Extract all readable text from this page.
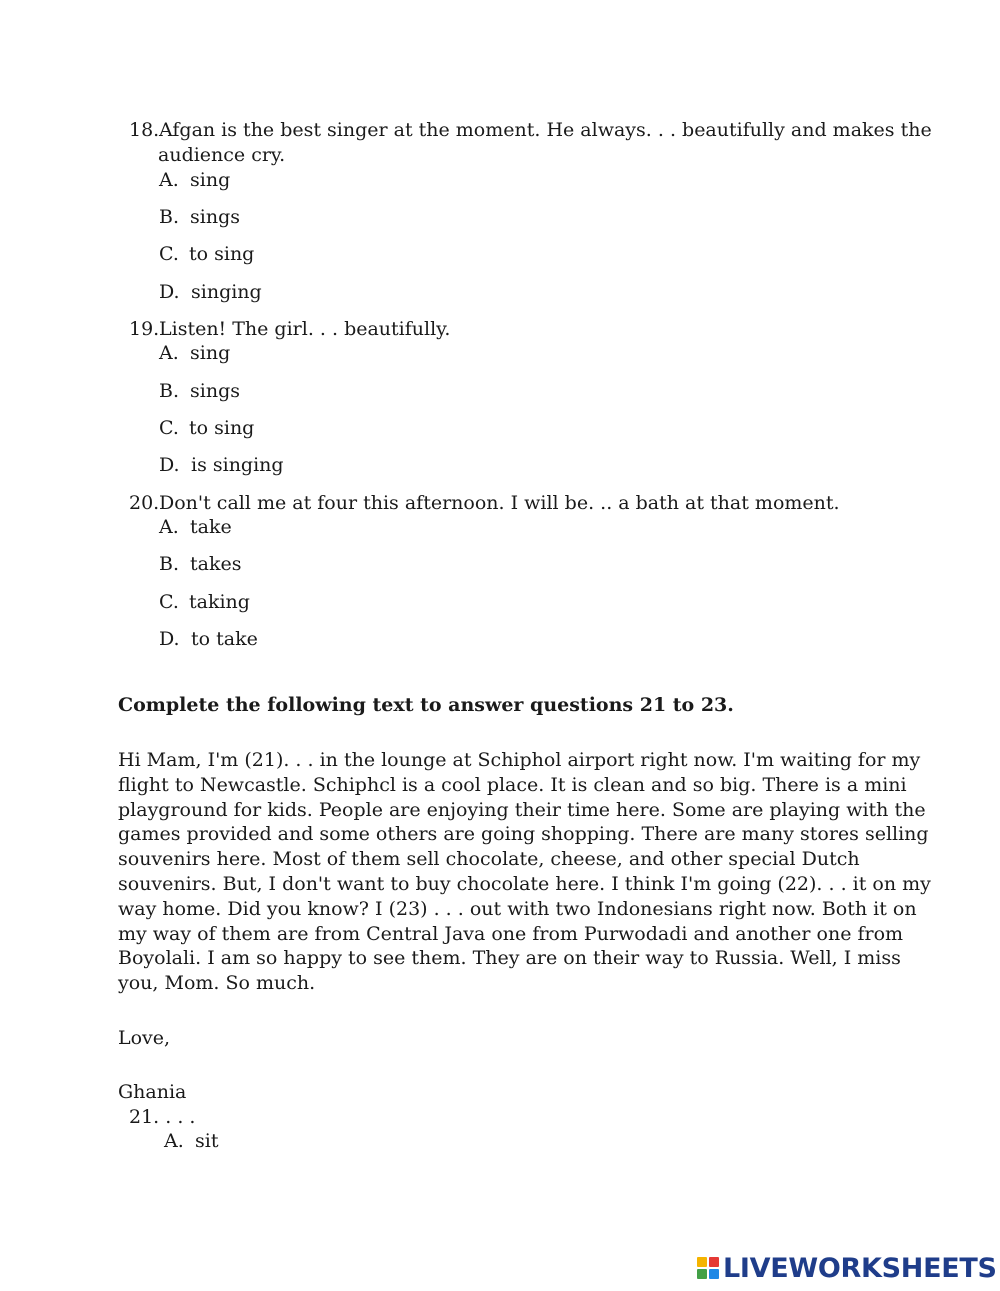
18. Afgan is the best singer at the moment. He always. . . beautifully and makes the
audience cry.
A. sing
B. sings
C. to sing
D. singing
19. Listen! The girl. . . beautifully.
A. sing
B. sings
C. to sing
D. is singing
20. Don't call me at four this afternoon. I will be. .. a bath at that moment.
A. take
B. takes
C. taking
D. to take
Complete the following text to answer questions 21 to 23.
Hi Mam, I'm (21). . . in the lounge at Schiphol airport right now. I'm waiting for my
flight to Newcastle. Schiphcl is a cool place. It is clean and so big. There is a mini
playground for kids. People are enjoying their time here. Some are playing with the
games provided and some others are going shopping. There are many stores selling
souvenirs here. Most of them sell chocolate, cheese, and other special Dutch
souvenirs. But, I don't want to buy chocolate here. I think I'm going (22). . . it on my
way home. Did you know? I (23) . . . out with two Indonesians right now. Both it on
my way of them are from Central Java one from Purwodadi and another one from
Boyolali. I am so happy to see them. They are on their way to Russia. Well, I miss
you, Mom. So much.
Love,
Ghania
21. . . .
A. sit
LIVEWORKSHEETS
